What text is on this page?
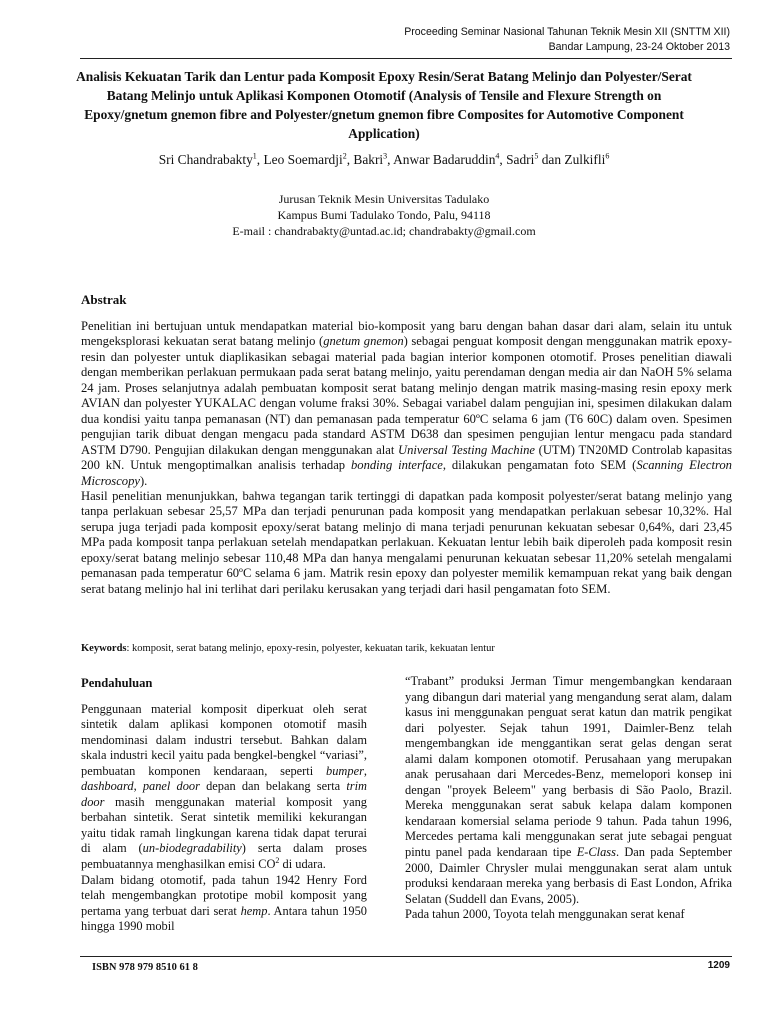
Proceeding Seminar Nasional Tahunan Teknik Mesin XII (SNTTM XII)
Bandar Lampung, 23-24 Oktober 2013
Analisis Kekuatan Tarik dan Lentur pada Komposit Epoxy Resin/Serat Batang Melinjo dan Polyester/Serat Batang Melinjo untuk Aplikasi Komponen Otomotif (Analysis of Tensile and Flexure Strength on Epoxy/gnetum gnemon fibre and Polyester/gnetum gnemon fibre Composites for Automotive Component Application)
Sri Chandrabakty$^1$, Leo Soemardji$^2$, Bakri$^3$, Anwar Badaruddin$^4$, Sadri$^5$ dan Zulkifli$^6$
Jurusan Teknik Mesin Universitas Tadulako
Kampus Bumi Tadulako Tondo, Palu, 94118
E-mail : chandrabakty@untad.ac.id; chandrabakty@gmail.com
Abstrak

Penelitian ini bertujuan untuk mendapatkan material bio-komposit yang baru dengan bahan dasar dari alam, selain itu untuk mengeksplorasi kekuatan serat batang melinjo (gnetum gnemon) sebagai penguat komposit dengan menggunakan matrik epoxy-resin dan polyester untuk diaplikasikan sebagai material pada bagian interior komponen otomotif. Proses penelitian diawali dengan memberikan perlakuan permukaan pada serat batang melinjo, yaitu perendaman dengan media air dan NaOH 5% selama 24 jam. Proses selanjutnya adalah pembuatan komposit serat batang melinjo dengan matrik masing-masing resin epoxy merk AVIAN dan polyester YUKALAC dengan volume fraksi 30%. Sebagai variabel dalam pengujian ini, spesimen dilakukan dalam dua kondisi yaitu tanpa pemanasan (NT) dan pemanasan pada temperatur 60ºC selama 6 jam (T6 60C) dalam oven. Spesimen pengujian tarik dibuat dengan mengacu pada standard ASTM D638 dan spesimen pengujian lentur mengacu pada standard ASTM D790. Pengujian dilakukan dengan menggunakan alat Universal Testing Machine (UTM) TN20MD Controlab kapasitas 200 kN. Untuk mengoptimalkan analisis terhadap bonding interface, dilakukan pengamatan foto SEM (Scanning Electron Microscopy).

Hasil penelitian menunjukkan, bahwa tegangan tarik tertinggi di dapatkan pada komposit polyester/serat batang melinjo yang tanpa perlakuan sebesar 25,57 MPa dan terjadi penurunan pada komposit yang mendapatkan perlakuan sebesar 10,32%. Hal serupa juga terjadi pada komposit epoxy/serat batang melinjo di mana terjadi penurunan kekuatan sebesar 0,64%, dari 23,45 MPa pada komposit tanpa perlakuan setelah mendapatkan perlakuan. Kekuatan lentur lebih baik diperoleh pada komposit resin epoxy/serat batang melinjo sebesar 110,48 MPa dan hanya mengalami penurunan kekuatan sebesar 11,20% setelah mengalami pemanasan pada temperatur 60ºC selama 6 jam. Matrik resin epoxy dan polyester memilik kemampuan rekat yang baik dengan serat batang melinjo hal ini terlihat dari perilaku kerusakan yang terjadi dari hasil pengamatan foto SEM.

Keywords: komposit, serat batang melinjo, epoxy-resin, polyester, kekuatan tarik, kekuatan lentur
Pendahuluan

Penggunaan material komposit diperkuat oleh serat sintetik dalam aplikasi komponen otomotif masih mendominasi dalam industri tersebut. Bahkan dalam skala industri kecil yaitu pada bengkel-bengkel “variasi”, pembuatan komponen kendaraan, seperti bumper, dashboard, panel door depan dan belakang serta trim door masih menggunakan material komposit yang berbahan sintetik. Serat sintetik memiliki kekurangan yaitu tidak ramah lingkungan karena tidak dapat terurai di alam (un-biodegradability) serta dalam proses pembuatannya menghasilkan emisi $CO^2$ di udara.

Dalam bidang otomotif, pada tahun 1942 Henry Ford telah mengembangkan prototipe mobil komposit yang pertama yang terbuat dari serat hemp. Antara tahun 1950 hingga 1990 mobil

“Trabant” produksi Jerman Timur mengembangkan kendaraan yang dibangun dari material yang mengandung serat alam, dalam kasus ini menggunakan penguat serat katun dan matrik pengikat dari polyester. Sejak tahun 1991, Daimler-Benz telah mengembangkan ide menggantikan serat gelas dengan serat alami dalam komponen otomotif. Perusahaan yang merupakan anak perusahaan dari Mercedes-Benz, memelopori konsep ini dengan "proyek Beleem" yang berbasis di São Paolo, Brazil. Mereka menggunakan serat sabuk kelapa dalam komponen kendaraan komersial selama periode 9 tahun. Pada tahun 1996, Mercedes pertama kali menggunakan serat jute sebagai penguat pintu panel pada kendaraan tipe E-Class. Dan pada September 2000, Daimler Chrysler mulai menggunakan serat alam untuk produksi kendaraan mereka yang berbasis di East London, Afrika Selatan (Suddell dan Evans, 2005).

Pada tahun 2000, Toyota telah menggunakan serat kenaf

ISBN 978 979 8510 61 8	1209
